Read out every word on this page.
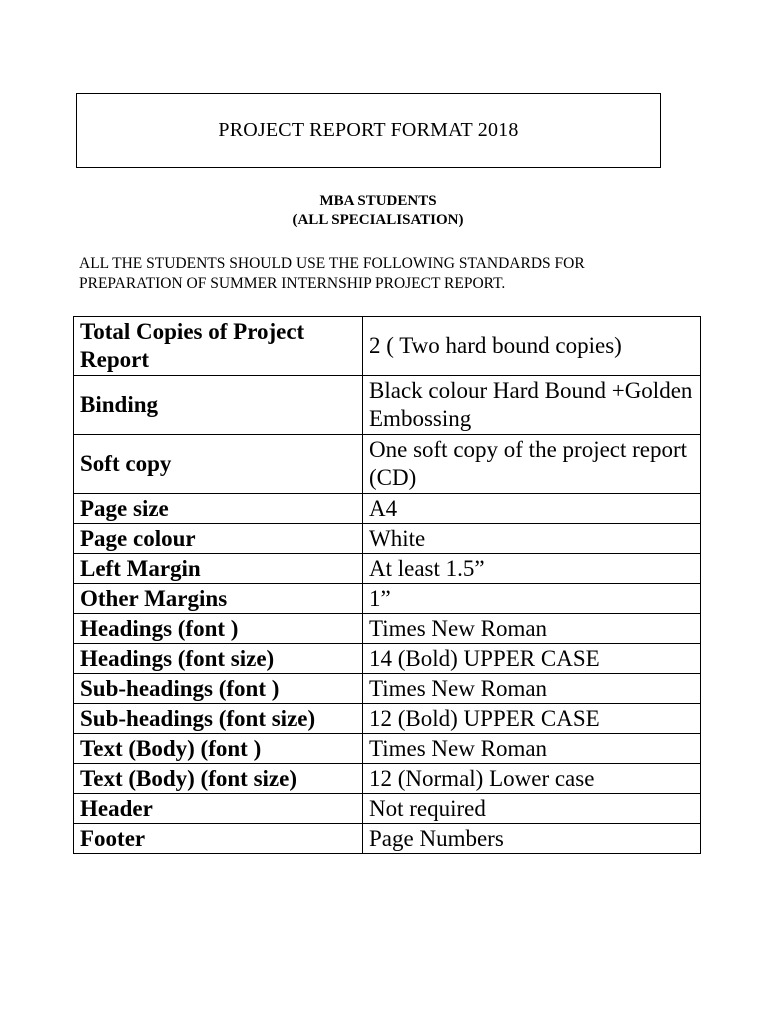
PROJECT REPORT FORMAT 2018
MBA STUDENTS
(ALL SPECIALISATION)
ALL THE STUDENTS SHOULD USE THE FOLLOWING STANDARDS FOR
PREPARATION OF SUMMER INTERNSHIP PROJECT REPORT.
Total Copies of Project Report	2 ( Two hard bound copies)
Binding	Black colour Hard Bound +Golden Embossing
Soft copy	One soft copy of the project report (CD)
Page size	A4
Page colour	White
Left Margin	At least 1.5”
Other Margins	1”
Headings (font )	Times New Roman
Headings (font size)	14 (Bold) UPPER CASE
Sub-headings (font )	Times New Roman
Sub-headings (font size)	12 (Bold) UPPER CASE
Text (Body) (font )	Times New Roman
Text (Body) (font size)	12 (Normal) Lower case
Header	Not required
Footer	Page Numbers
